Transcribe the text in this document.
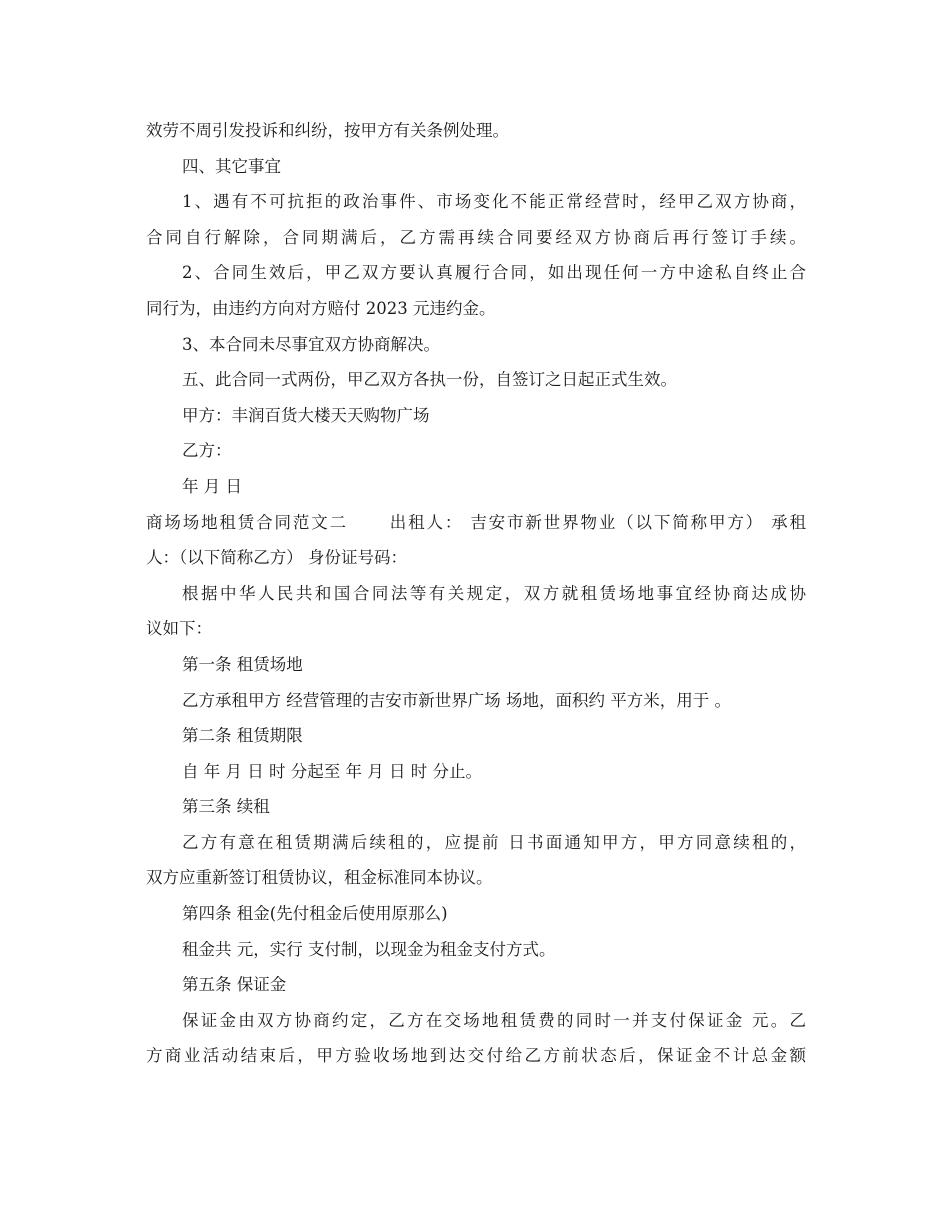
效劳不周引发投诉和纠纷，按甲方有关条例处理。
四、其它事宜
1、遇有不可抗拒的政治事件、市场变化不能正常经营时，经甲乙双方协商，
合同自行解除，合同期满后，乙方需再续合同要经双方协商后再行签订手续。
2、合同生效后，甲乙双方要认真履行合同，如出现任何一方中途私自终止合
同行为，由违约方向对方赔付 2023 元违约金。
3、本合同未尽事宜双方协商解决。
五、此合同一式两份，甲乙双方各执一份，自签订之日起正式生效。
甲方：丰润百货大楼天天购物广场
乙方：
年 月 日
商场场地租赁合同范文二 出租人： 吉安市新世界物业（以下简称甲方） 承租
人：（以下简称乙方） 身份证号码：
根据中华人民共和国合同法等有关规定，双方就租赁场地事宜经协商达成协
议如下：
第一条 租赁场地
乙方承租甲方 经营管理的吉安市新世界广场 场地，面积约 平方米，用于 。
第二条 租赁期限
自 年 月 日 时 分起至 年 月 日 时 分止。
第三条 续租
乙方有意在租赁期满后续租的，应提前 日书面通知甲方，甲方同意续租的，
双方应重新签订租赁协议，租金标准同本协议。
第四条 租金(先付租金后使用原那么)
租金共 元，实行 支付制，以现金为租金支付方式。
第五条 保证金
保证金由双方协商约定，乙方在交场地租赁费的同时一并支付保证金 元。乙
方商业活动结束后，甲方验收场地到达交付给乙方前状态后，保证金不计总金额
